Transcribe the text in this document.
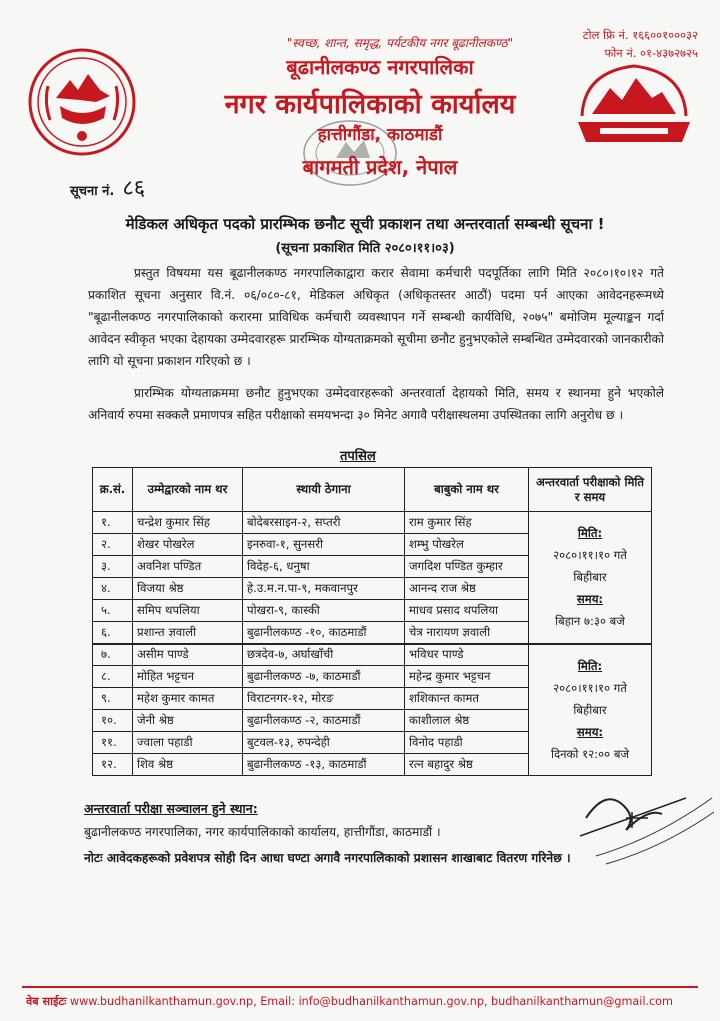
"स्वच्छ, शान्त, समृद्ध, पर्यटकीय नगर बूढानीलकण्ठ"
बूढानीलकण्ठ नगरपालिका
नगर कार्यपालिकाको कार्यालय
हात्तीगौंडा, काठमाडौं
बागमती प्रदेश, नेपाल
टोल फ्रि नं. १६६००१०००३२
फोन नं. ०१-४३७२७२५
सूचना नं. ८६
मेडिकल अधिकृत पदको प्रारम्भिक छनौट सूची प्रकाशन तथा अन्तरवार्ता सम्बन्धी सूचना !
(सूचना प्रकाशित मिति २०८०।११।०३)

प्रस्तुत विषयमा यस बूढानीलकण्ठ नगरपालिकाद्वारा करार सेवामा कर्मचारी पदपूर्तिका लागि मिति २०८०।१०।१२ गते प्रकाशित सूचना अनुसार वि.नं. ०६/०८०-८१, मेडिकल अधिकृत (अधिकृतस्तर आठौं) पदमा पर्न आएका आवेदनहरूमध्ये "बूढानीलकण्ठ नगरपालिकाको करारमा प्राविधिक कर्मचारी व्यवस्थापन गर्ने सम्बन्धी कार्यविधि, २०७५" बमोजिम मूल्याङ्कन गर्दा आवेदन स्वीकृत भएका देहायका उम्मेदवारहरू प्रारम्भिक योग्यताक्रमको सूचीमा छनौट हुनुभएकोले सम्बन्धित उम्मेदवारको जानकारीको लागि यो सूचना प्रकाशन गरिएको छ ।

प्रारम्भिक योग्यताक्रममा छनौट हुनुभएका उम्मेदवारहरूको अन्तरवार्ता देहायको मिति, समय र स्थानमा हुने भएकोले अनिवार्य रुपमा सक्कलै प्रमाणपत्र सहित परीक्षाको समयभन्दा ३० मिनेट अगावै परीक्षास्थलमा उपस्थितका लागि अनुरोध छ ।

तपसिल
क्र.सं.	उम्मेद्वारको नाम थर	स्थायी ठेगाना	बाबुको नाम थर	अन्तरवार्ता परीक्षाको मिति र समय
१.	चन्द्रेश कुमार सिंह	बोदेबरसाइन-२, सप्तरी	राम कुमार सिंह	मिति:
२०८०।११।१० गते
बिहीबार
समय:
बिहान ७:३० बजे

२.	शेखर पोखरेल	इनरुवा-१, सुनसरी	शम्भु पोखरेल	
३.	अवनिश पण्डित	विदेह-६, धनुषा	जगदिश पण्डित कुम्हार	
४.	विजया श्रेष्ठ	हे.उ.म.न.पा-९, मकवानपुर	आनन्द राज श्रेष्ठ	
५.	समिप थपलिया	पोखरा-९, कास्की	माधव प्रसाद थपलिया	
६.	प्रशान्त ज्ञवाली	बुढानीलकण्ठ -१०, काठमाडौं	चेत्र नारायण ज्ञवाली	
७.	असीम पाण्डे	छत्रदेव-७, अर्घाखाँची	भविधर पाण्डे	मिति:
२०८०।११।१० गते
बिहीबार
समय:
दिनको १२:०० बजे

८.	मोहित भट्टचन	बुढानीलकण्ठ -७, काठमाडौं	महेन्द्र कुमार भट्टचन	
९.	महेश कुमार कामत	विराटनगर-१२, मोरङ	शशिकान्त कामत	
१०.	जेनी श्रेष्ठ	बुढानीलकण्ठ -२, काठमाडौं	काशीलाल श्रेष्ठ	
११.	ज्वाला पहाडी	बुटवल-१३, रुपन्देही	विनोद पहाडी	
१२.	शिव श्रेष्ठ	बुढानीलकण्ठ -१३, काठमाडौं	रत्न बहादुर श्रेष्ठ	
अन्तरवार्ता परीक्षा सञ्चालन हुने स्थान:
बुढानीलकण्ठ नगरपालिका, नगर कार्यपालिकाको कार्यालय, हात्तीगौंडा, काठमाडौं ।
नोटः आवेदकहरूको प्रवेशपत्र सोही दिन आधा घण्टा अगावै नगरपालिकाको प्रशासन शाखाबाट वितरण गरिनेछ ।
वेब साईटः www.budhanilkanthamun.gov.np, Email: info@budhanilkanthamun.gov.np, budhanilkanthamun@gmail.com
